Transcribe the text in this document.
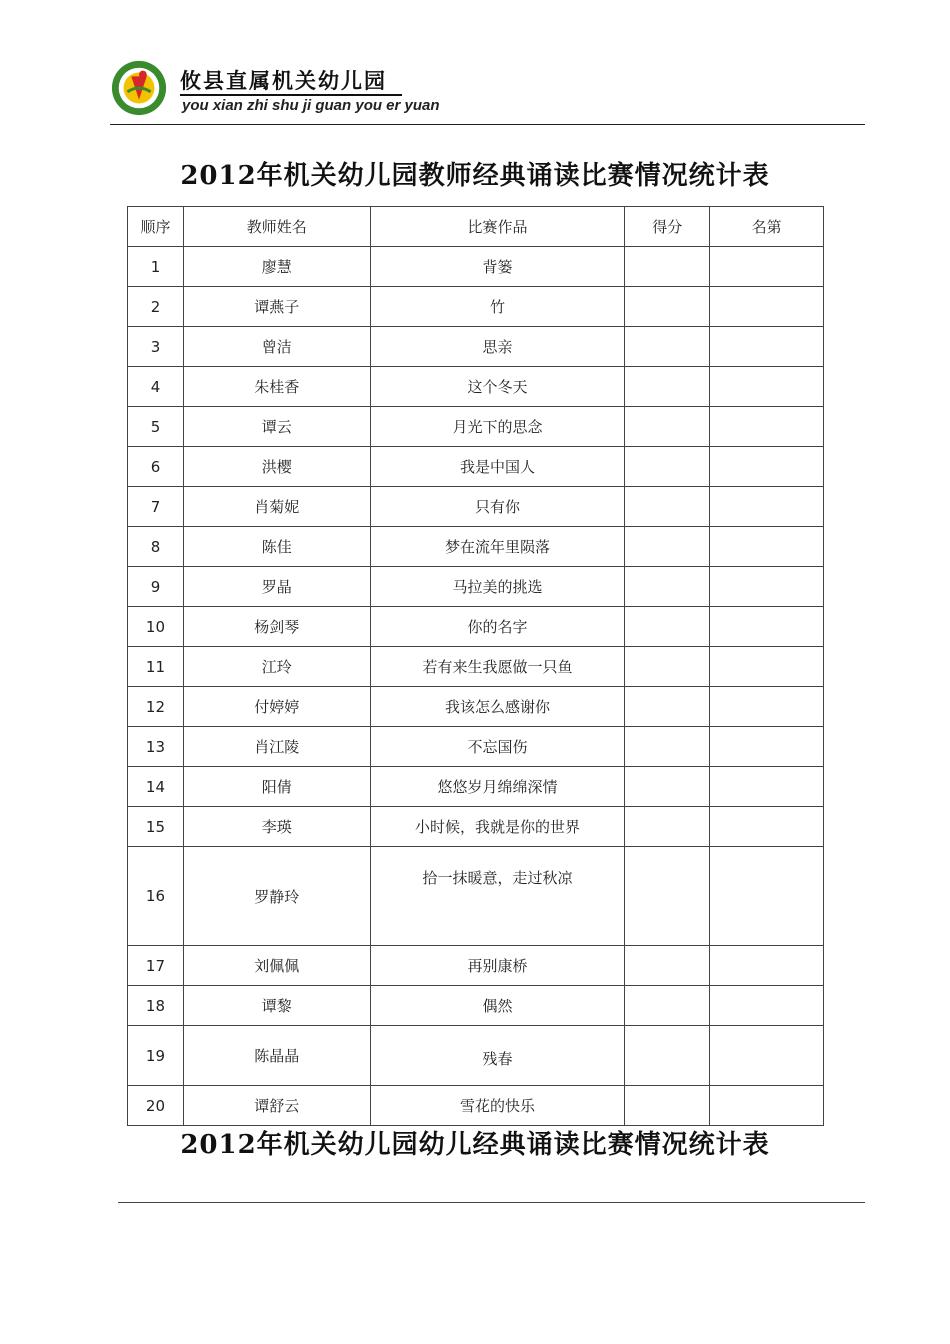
攸县直属机关幼儿园
you xian zhi shu ji guan you er yuan
2012年机关幼儿园教师经典诵读比赛情况统计表
顺序	教师姓名	比赛作品	得分	名第
1	廖慧	背篓		
2	谭燕子	竹		
3	曾洁	思亲		
4	朱桂香	这个冬天		
5	谭云	月光下的思念		
6	洪樱	我是中国人		
7	肖菊妮	只有你		
8	陈佳	梦在流年里陨落		
9	罗晶	马拉美的挑选		
10	杨剑琴	你的名字		
11	江玲	若有来生我愿做一只鱼		
12	付婷婷	我该怎么感谢你		
13	肖江陵	不忘国伤		
14	阳倩	悠悠岁月绵绵深情		
15	李瑛	小时候，我就是你的世界		
16	罗静玲	拾一抹暖意，走过秋凉		
17	刘佩佩	再别康桥		
18	谭黎	偶然		
19	陈晶晶	残春		
20	谭舒云	雪花的快乐		
2012年机关幼儿园幼儿经典诵读比赛情况统计表
